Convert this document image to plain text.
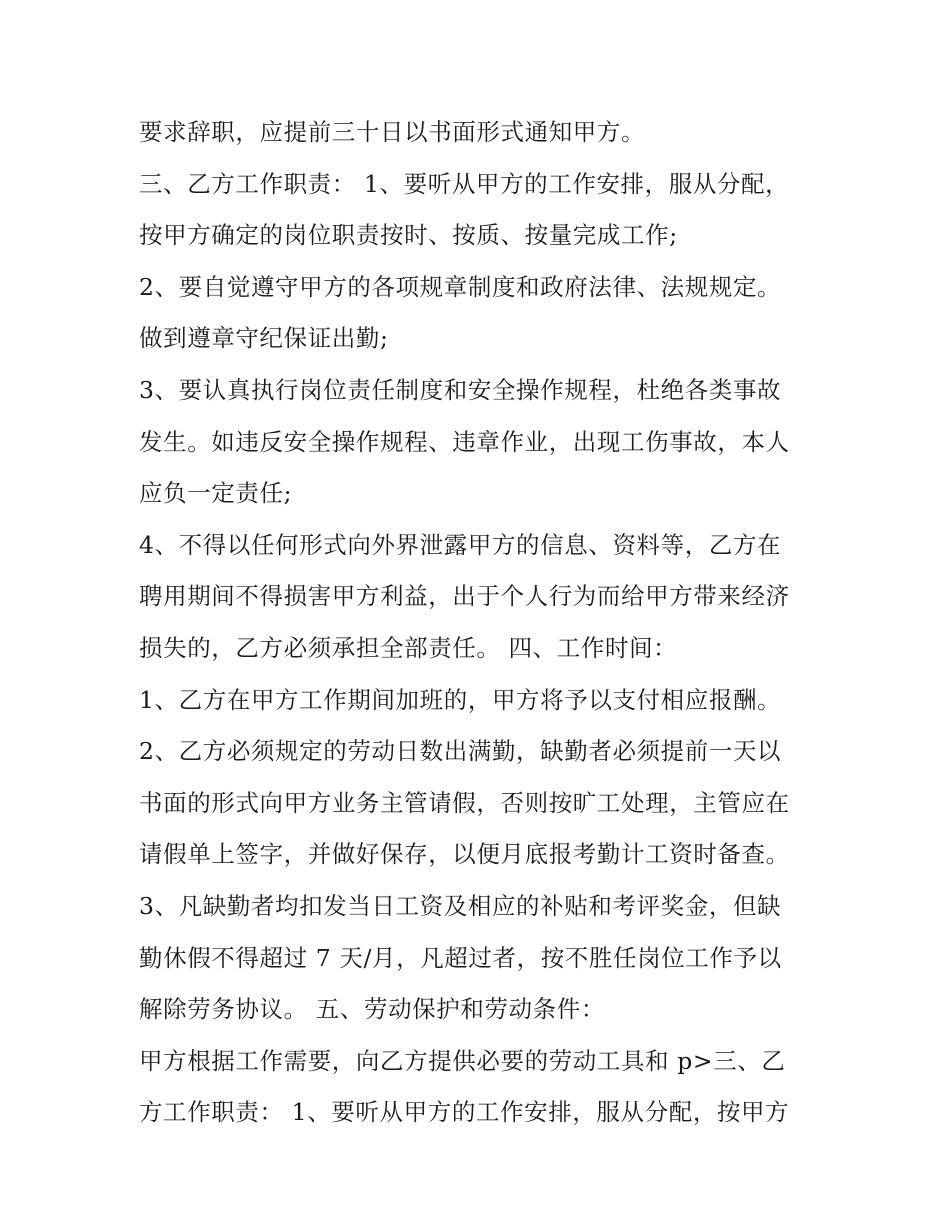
要求辞职，应提前三十日以书面形式通知甲方。
三、乙方工作职责： 1、要听从甲方的工作安排，服从分配，
按甲方确定的岗位职责按时、按质、按量完成工作;
2、要自觉遵守甲方的各项规章制度和政府法律、法规规定。
做到遵章守纪保证出勤;
3、要认真执行岗位责任制度和安全操作规程，杜绝各类事故
发生。如违反安全操作规程、违章作业，出现工伤事故，本人
应负一定责任;
4、不得以任何形式向外界泄露甲方的信息、资料等，乙方在
聘用期间不得损害甲方利益，出于个人行为而给甲方带来经济
损失的，乙方必须承担全部责任。 四、工作时间：
1、乙方在甲方工作期间加班的，甲方将予以支付相应报酬。
2、乙方必须规定的劳动日数出满勤，缺勤者必须提前一天以
书面的形式向甲方业务主管请假，否则按旷工处理，主管应在
请假单上签字，并做好保存，以便月底报考勤计工资时备查。
3、凡缺勤者均扣发当日工资及相应的补贴和考评奖金，但缺
勤休假不得超过 7 天/月，凡超过者，按不胜任岗位工作予以
解除劳务协议。 五、劳动保护和劳动条件：
甲方根据工作需要，向乙方提供必要的劳动工具和 p>三、乙
方工作职责： 1、要听从甲方的工作安排，服从分配，按甲方
